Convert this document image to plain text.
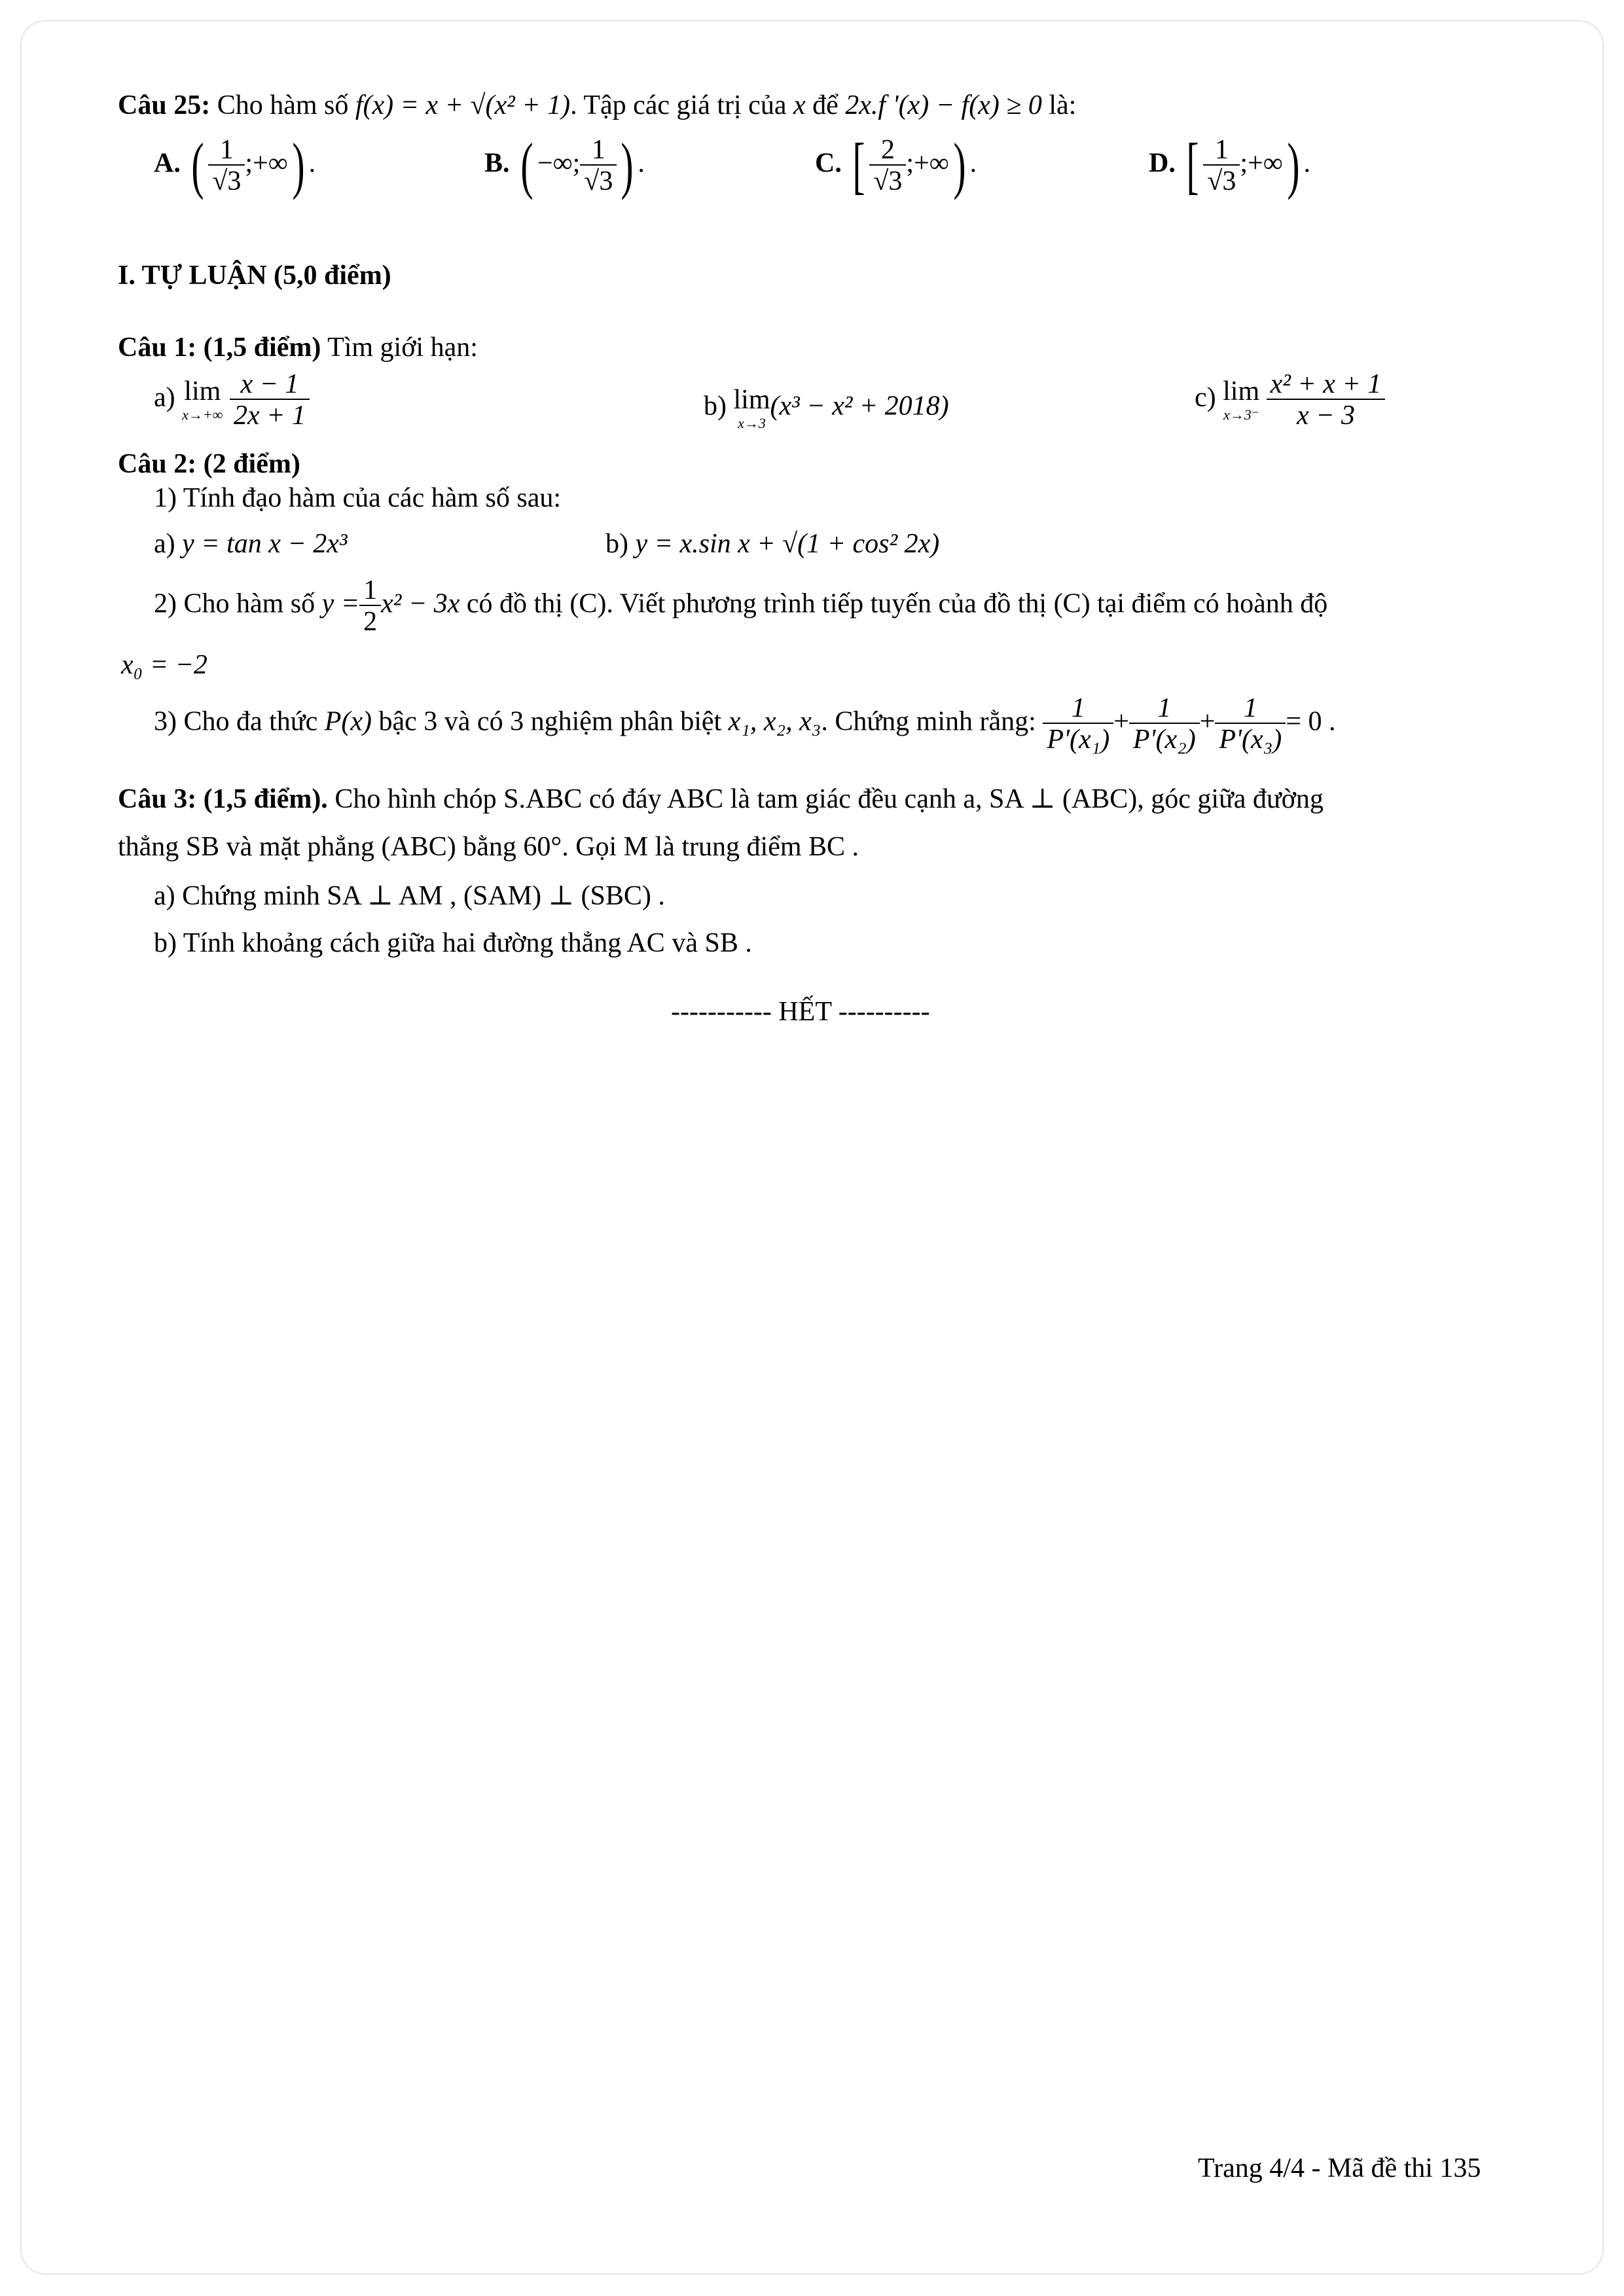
Câu 25: Cho hàm số f(x) = x + √(x² + 1). Tập các giá trị của x để 2x.f '(x) − f(x) ≥ 0 là:
A. ( $\frac{1}{√3}$ ;+∞) .	B. ( −∞; $\frac{1}{√3}$ ) .	C. [ $\frac{2}{√3}$ ;+∞) .	D. [ $\frac{1}{√3}$ ;+∞) .
I. TỰ LUẬN (5,0 điểm)
Câu 1: (1,5 điểm) Tìm giới hạn:
a) lim
x→+∞
$\frac{x - 1}{2x + 1}$	b) lim
x→3
(x³ − x² + 2018)	c) lim
x→3⁻
$\frac{\text{x² + x + 1}}{x - 3}$
Câu 2: (2 điểm)
1) Tính đạo hàm của các hàm số sau:
a) y = tan x − 2x³	b) y = x.sin x + √(1 + cos² 2x)
2) Cho hàm số $y = \frac{1}{2} x^2 - 3x$ có đồ thị (C). Viết phương trình tiếp tuyến của đồ thị (C) tại điểm có hoành độ
x₀ = −2
3) Cho đa thức P(x) bậc 3 và có 3 nghiệm phân biệt x₁, x₂, x₃. Chứng minh rằng: $\frac{1}{\text{P'(x₁)}} + \frac{1}{\text{P'(x₂)}} + \frac{1}{\text{P'(x₃)}} = 0$ .
Câu 3: (1,5 điểm). Cho hình chóp S.ABC có đáy ABC là tam giác đều cạnh a, SA ⊥ (ABC), góc giữa đường
thẳng SB và mặt phẳng (ABC) bằng 60°. Gọi M là trung điểm BC .
a) Chứng minh SA ⊥ AM , (SAM) ⊥ (SBC) .
b) Tính khoảng cách giữa hai đường thẳng AC và SB .
----------- HẾT ----------
Trang 4/4 - Mã đề thi 135
